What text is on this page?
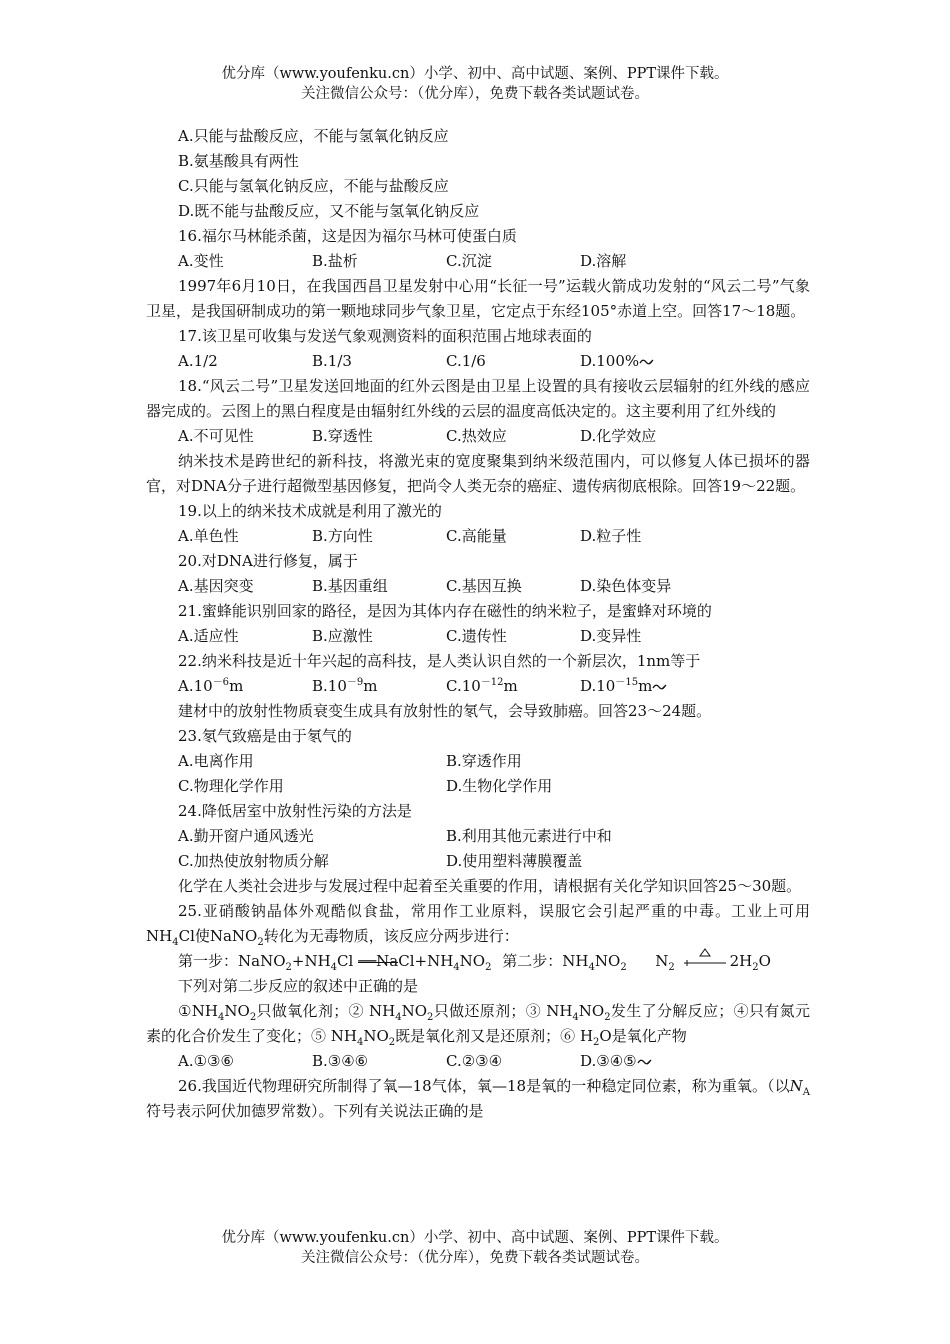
优分库（www.youfenku.cn）小学、初中、高中试题、案例、PPT课件下载。
关注微信公众号：（优分库），免费下载各类试题试卷。
A.只能与盐酸反应，不能与氢氧化钠反应
B.氨基酸具有两性
C.只能与氢氧化钠反应，不能与盐酸反应
D.既不能与盐酸反应，又不能与氢氧化钠反应
16.福尔马林能杀菌，这是因为福尔马林可使蛋白质
A.变性	B.盐析	C.沉淀	D.溶解

1997年6月10日，在我国西昌卫星发射中心用“长征一号”运载火箭成功发射的“风云二号”气象卫星，是我国研制成功的第一颗地球同步气象卫星，它定点于东经105°赤道上空。回答17～18题。

17.该卫星可收集与发送气象观测资料的面积范围占地球表面的
A.1/2	B.1/3	C.1/6	D.100%

18.“风云二号”卫星发送回地面的红外云图是由卫星上设置的具有接收云层辐射的红外线的感应器完成的。云图上的黑白程度是由辐射红外线的云层的温度高低决定的。这主要利用了红外线的

A.不可见性	B.穿透性	C.热效应	D.化学效应

纳米技术是跨世纪的新科技，将激光束的宽度聚集到纳米级范围内，可以修复人体已损坏的器官，对DNA分子进行超微型基因修复，把尚令人类无奈的癌症、遗传病彻底根除。回答19～22题。

19.以上的纳米技术成就是利用了激光的
A.单色性	B.方向性	C.高能量	D.粒子性
20.对DNA进行修复，属于
A.基因突变	B.基因重组	C.基因互换	D.染色体变异
21.蜜蜂能识别回家的路径，是因为其体内存在磁性的纳米粒子，是蜜蜂对环境的
A.适应性	B.应激性	C.遗传性	D.变异性
22.纳米科技是近十年兴起的高科技，是人类认识自然的一个新层次，1nm等于
$A.10^{-6}m$	$B.10^{-9}m$	$C.10^{-12}m$	$D.10^{-15}m$
建材中的放射性物质衰变生成具有放射性的氡气，会导致肺癌。回答23～24题。
23.氡气致癌是由于氡气的
A.电离作用	B.穿透作用
C.物理化学作用	D.生物化学作用
24.降低居室中放射性污染的方法是
A.勤开窗户通风透光	B.利用其他元素进行中和
C.加热使放射物质分解	D.使用塑料薄膜覆盖

化学在人类社会进步与发展过程中起着至关重要的作用，请根据有关化学知识回答25～30题。

25.亚硝酸钠晶体外观酷似食盐，常用作工业原料，误服它会引起严重的中毒。工业上可用$NH_4Cl$使NaNO$_2$转化为无毒物质，该反应分两步进行：

第一步：$NaNO_2+NH_4Cl$ $──NaCl+NH_4NO_2$ 第二步：$NH_4NO_2$      $N_2$	$2H_2O$
下列对第二步反应的叙述中正确的是

$①NH_4NO_2$只做氧化剂；② $NH_4NO_2$只做还原剂；③ $NH_4NO_2$发生了分解反应；④只有氮元素的化合价发生了变化；⑤ $NH_4NO_2$既是氧化剂又是还原剂；⑥ $H_2O$是氧化产物

A.①③⑥	B.③④⑥	C.②③④	D.③④⑤

26.我国近代物理研究所制得了氧—18气体，氧—18是氧的一种稳定同位素，称为重氧。（以$N_A$符号表示阿伏加德罗常数）。下列有关说法正确的是

优分库（www.youfenku.cn）小学、初中、高中试题、案例、PPT课件下载。
关注微信公众号：（优分库），免费下载各类试题试卷。
